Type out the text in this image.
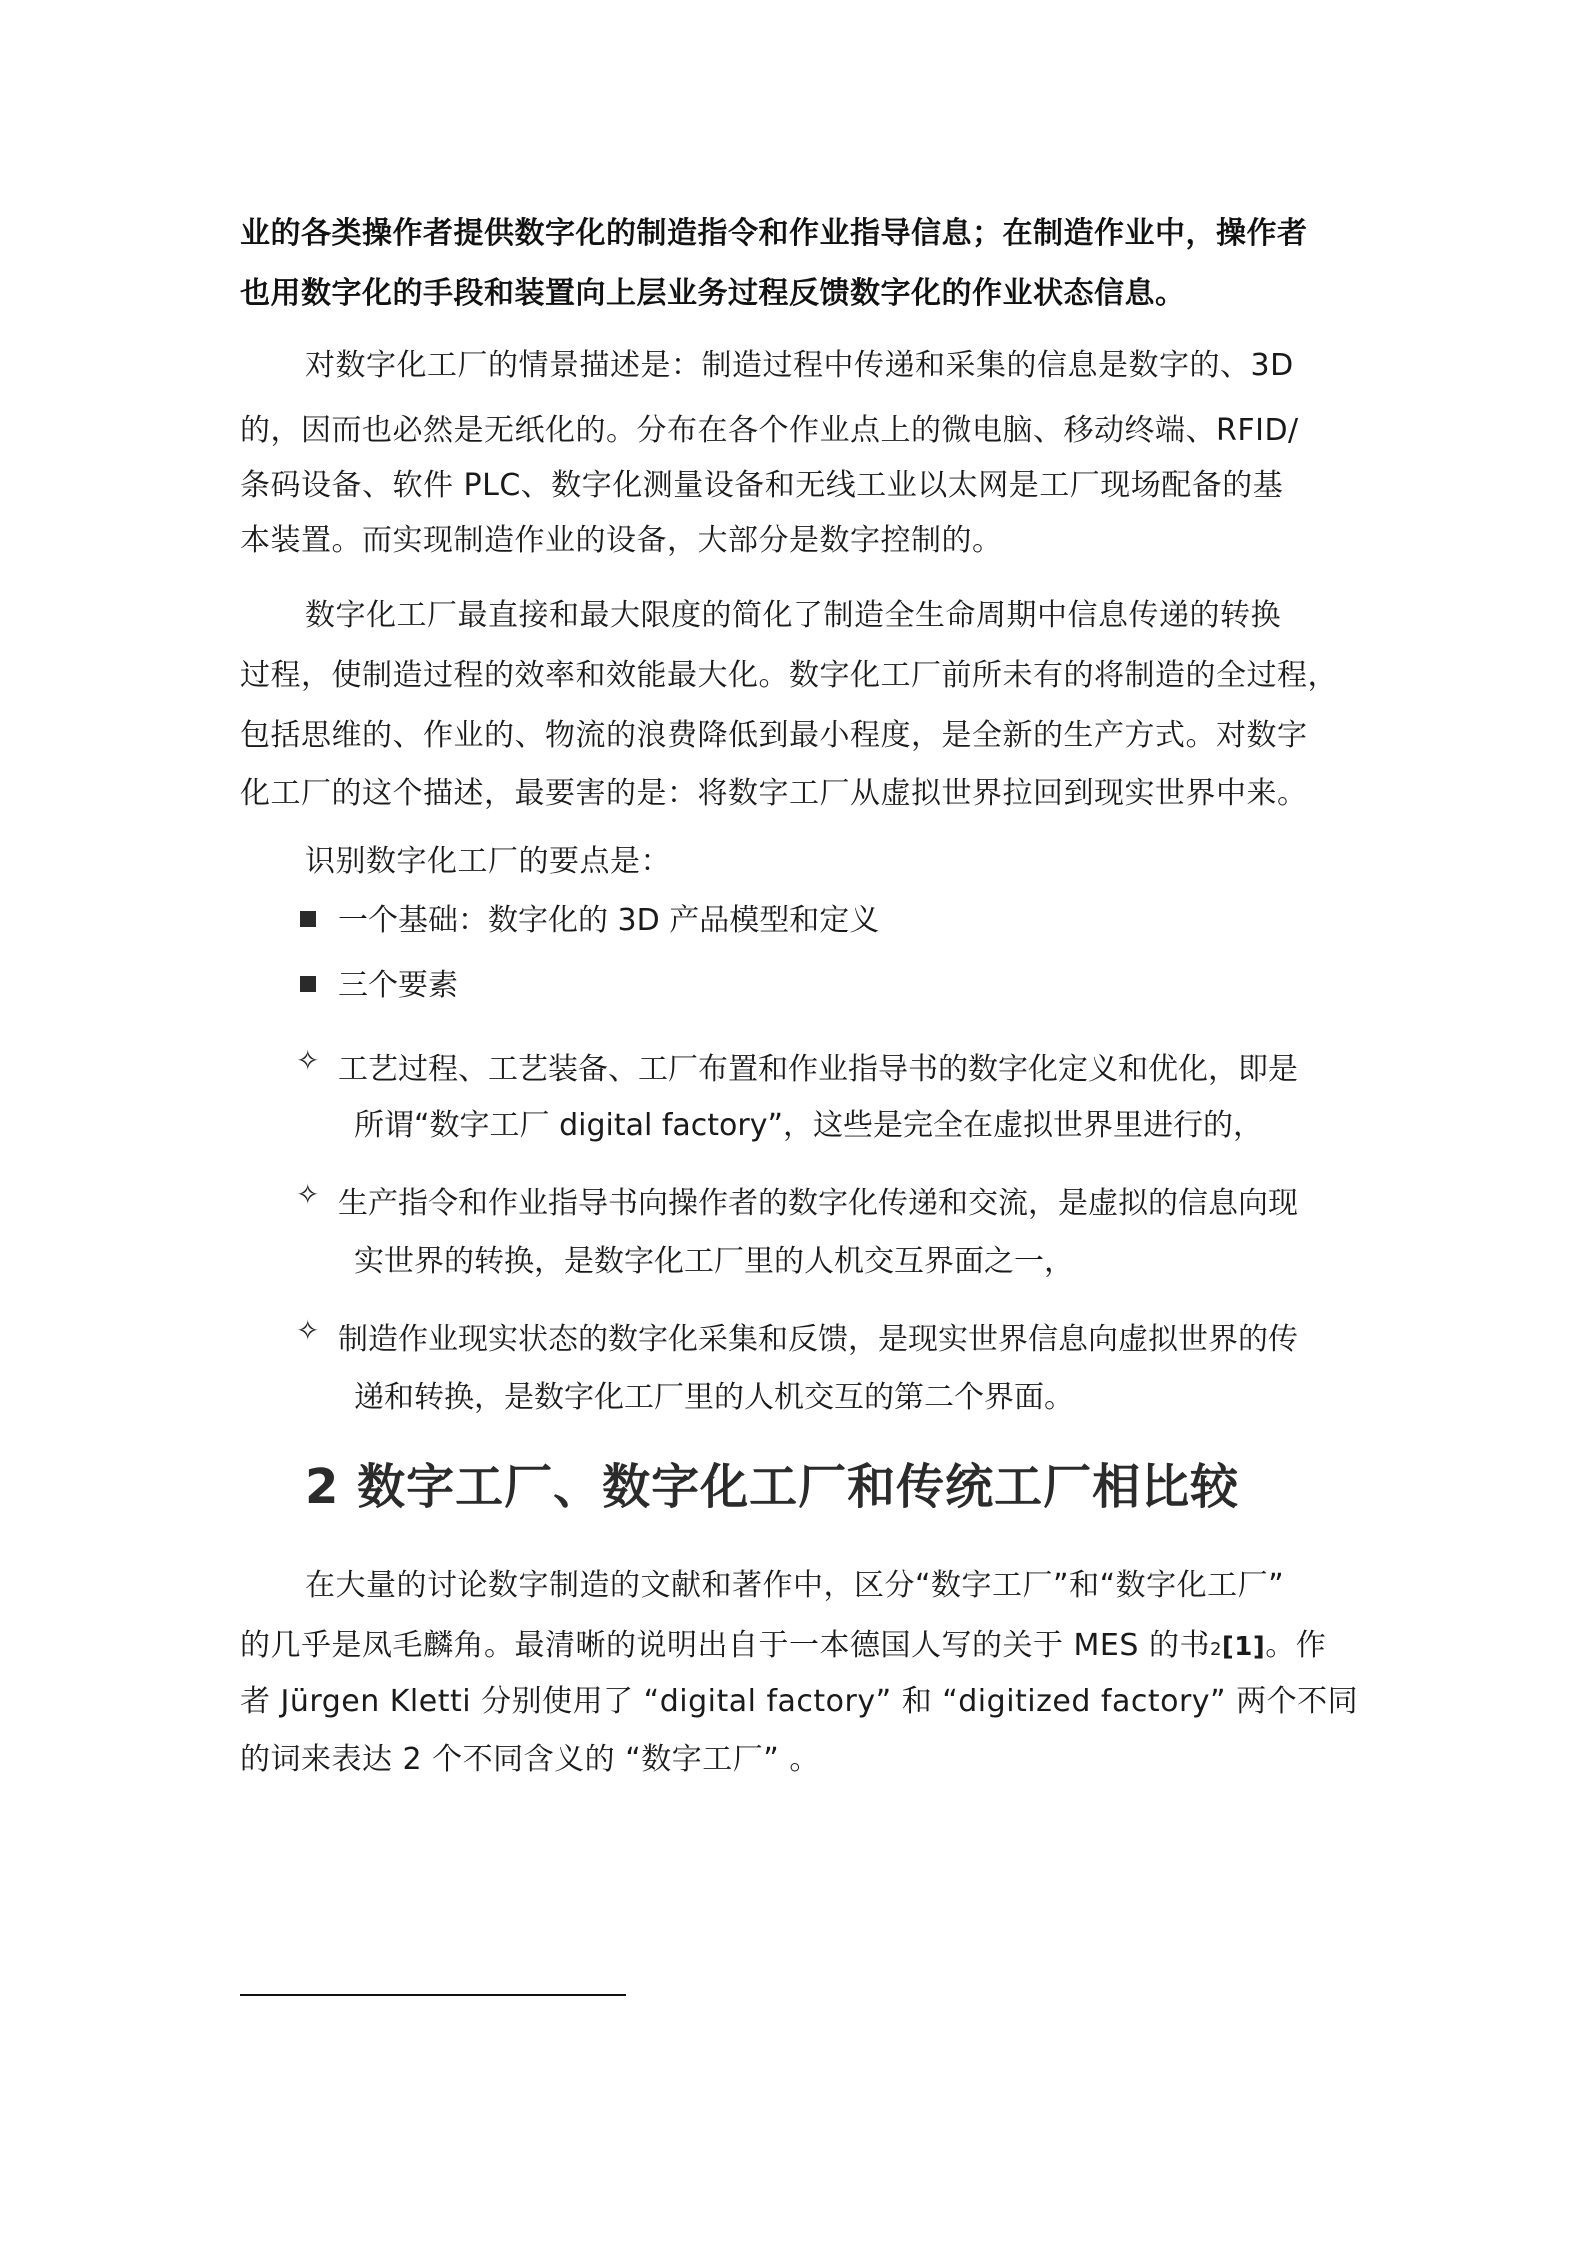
业的各类操作者提供数字化的制造指令和作业指导信息；在制造作业中，操作者
也用数字化的手段和装置向上层业务过程反馈数字化的作业状态信息。
对数字化工厂的情景描述是：制造过程中传递和采集的信息是数字的、3D
的，因而也必然是无纸化的。分布在各个作业点上的微电脑、移动终端、RFID/
条码设备、软件 PLC、数字化测量设备和无线工业以太网是工厂现场配备的基
本装置。而实现制造作业的设备，大部分是数字控制的。
数字化工厂最直接和最大限度的简化了制造全生命周期中信息传递的转换
过程，使制造过程的效率和效能最大化。数字化工厂前所未有的将制造的全过程，
包括思维的、作业的、物流的浪费降低到最小程度，是全新的生产方式。对数字
化工厂的这个描述，最要害的是：将数字工厂从虚拟世界拉回到现实世界中来。
识别数字化工厂的要点是：
一个基础：数字化的 3D 产品模型和定义
三个要素
✧ 工艺过程、工艺装备、工厂布置和作业指导书的数字化定义和优化，即是
所谓“数字工厂 digital factory”，这些是完全在虚拟世界里进行的，
✧ 生产指令和作业指导书向操作者的数字化传递和交流，是虚拟的信息向现
实世界的转换，是数字化工厂里的人机交互界面之一，
✧ 制造作业现实状态的数字化采集和反馈，是现实世界信息向虚拟世界的传
递和转换，是数字化工厂里的人机交互的第二个界面。
2 数字工厂、数字化工厂和传统工厂相比较
在大量的讨论数字制造的文献和著作中，区分“数字工厂”和“数字化工厂”
的几乎是凤毛麟角。最清晰的说明出自于一本德国人写的关于 MES 的书2[1]。作
者 Jürgen Kletti 分别使用了 “digital factory” 和 “digitized factory” 两个不同
的词来表达 2 个不同含义的 “数字工厂” 。
